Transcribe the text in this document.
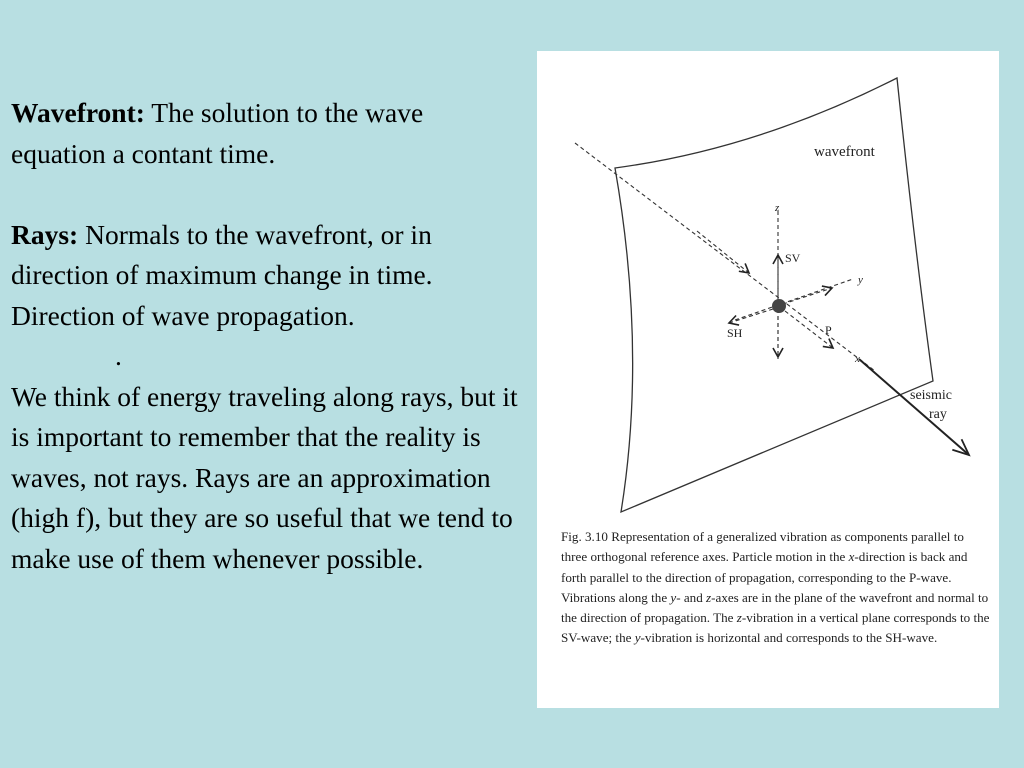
Wavefront: The solution to the wave equation a contant time.

Rays: Normals to the wavefront, or in direction of maximum change in time. Direction of wave propagation.

.

We think of energy traveling along rays, but it is important to remember that the reality is waves, not rays. Rays are an approximation (high f), but they are so useful that we tend to make use of them whenever possible.

wavefront
z
SV
y
SH	P
x
seismic
ray

Fig. 3.10 Representation of a generalized vibration as components parallel to three orthogonal reference axes. Particle motion in the x-direction is back and forth parallel to the direction of propagation, corresponding to the P-wave. Vibrations along the y- and z-axes are in the plane of the wavefront and normal to the direction of propagation. The z-vibration in a vertical plane corresponds to the SV-wave; the y-vibration is horizontal and corresponds to the SH-wave.
